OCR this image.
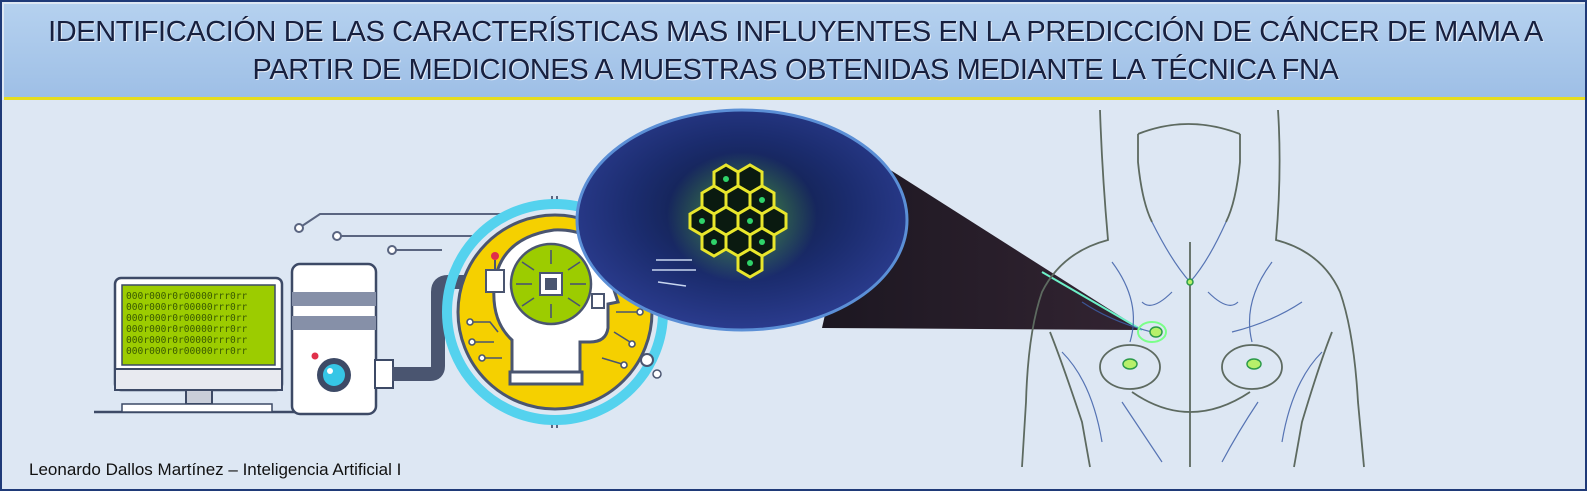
000r000r0r00000rrr0rr
000r000r0r00000rrr0rr
000r000r0r00000rrr0rr
000r000r0r00000rrr0rr
000r000r0r00000rrr0rr
000r000r0r00000rrr0rr
IDENTIFICACIÓN DE LAS CARACTERÍSTICAS MAS INFLUYENTES EN LA PREDICCIÓN DE CÁNCER DE MAMA A
PARTIR DE MEDICIONES A MUESTRAS OBTENIDAS MEDIANTE LA TÉCNICA FNA
Leonardo Dallos Martínez – Inteligencia Artificial I
